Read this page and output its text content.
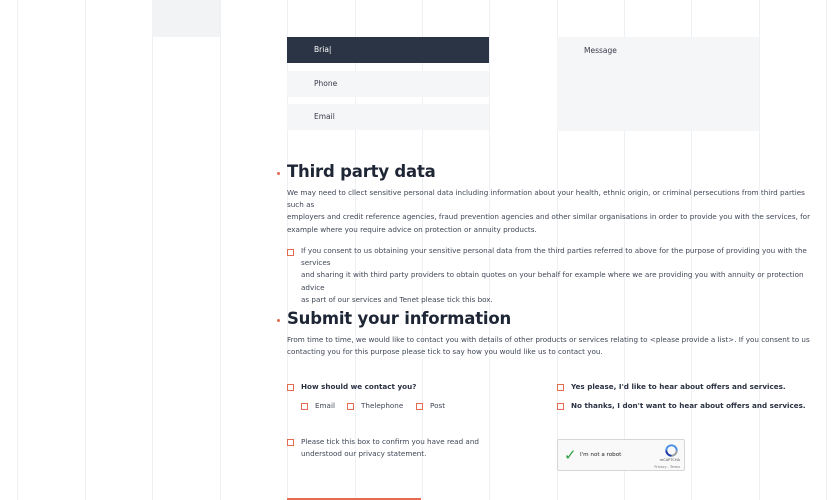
Bria|
Phone
Email
Message
Third party data
We may need to cllect sensitive personal data including information about your health, ethnic origin, or criminal persecutions from third parties such as
employers and credit reference agencies, fraud prevention agencies and other similar organisations in order to provide you with the services, for
example where you require advice on protection or annuity products.
If you consent to us obtaining your sensitive personal data from the third parties referred to above for the purpose of providing you with the services
and sharing it with third party providers to obtain quotes on your behalf for example where we are providing you with annuity or protection advice
as part of our services and Tenet please tick this box.
Submit your information
From time to time, we would like to contact you with details of other products or services relating to <please provide a list>. If you consent to us
contacting you for this purpose please tick to say how you would like us to contact you.
How should we contact you?
Email	Thelephone	Post
Yes please, I'd like to hear about offers and services.
No thanks, I don't want to hear about offers and services.
Please tick this box to confirm you have read and
understood our privacy statement.	✓ I'm not a robot
reCAPTCHA
Privacy - Terms
